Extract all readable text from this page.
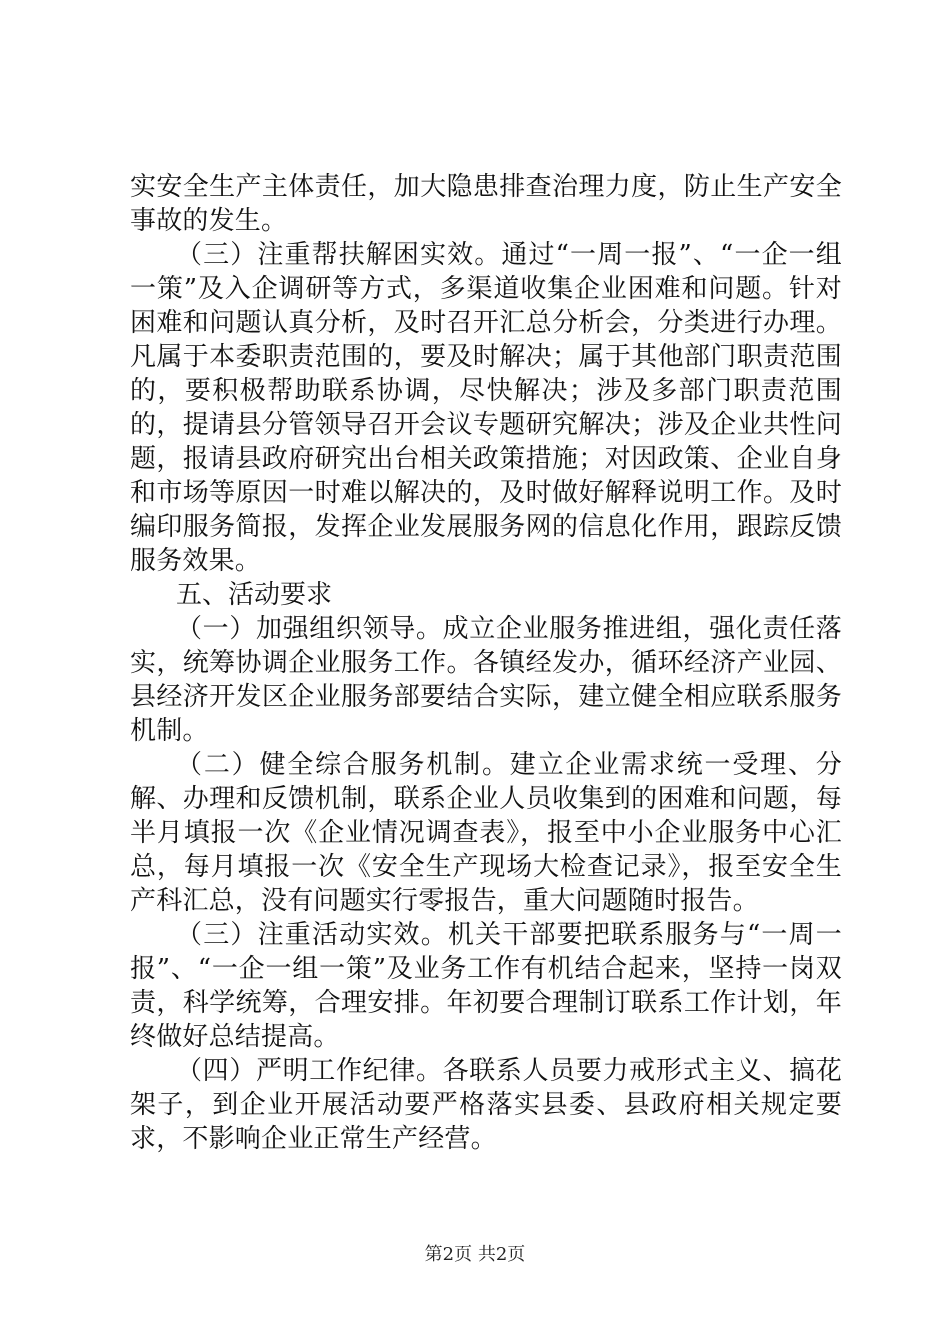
实安全生产主体责任，加大隐患排查治理力度，防止生产安全事故的发生。

（三）注重帮扶解困实效。通过“一周一报”、“一企一组一策”及入企调研等方式，多渠道收集企业困难和问题。针对困难和问题认真分析，及时召开汇总分析会，分类进行办理。凡属于本委职责范围的，要及时解决；属于其他部门职责范围的，要积极帮助联系协调，尽快解决；涉及多部门职责范围的，提请县分管领导召开会议专题研究解决；涉及企业共性问题，报请县政府研究出台相关政策措施；对因政策、企业自身和市场等原因一时难以解决的，及时做好解释说明工作。及时编印服务简报，发挥企业发展服务网的信息化作用，跟踪反馈服务效果。

五、活动要求

（一）加强组织领导。成立企业服务推进组，强化责任落实，统筹协调企业服务工作。各镇经发办，循环经济产业园、县经济开发区企业服务部要结合实际，建立健全相应联系服务机制。

（二）健全综合服务机制。建立企业需求统一受理、分解、办理和反馈机制，联系企业人员收集到的困难和问题，每半月填报一次《企业情况调查表》，报至中小企业服务中心汇总，每月填报一次《安全生产现场大检查记录》，报至安全生产科汇总，没有问题实行零报告，重大问题随时报告。

（三）注重活动实效。机关干部要把联系服务与“一周一报”、“一企一组一策”及业务工作有机结合起来，坚持一岗双责，科学统筹，合理安排。年初要合理制订联系工作计划，年终做好总结提高。

（四）严明工作纪律。各联系人员要力戒形式主义、搞花架子，到企业开展活动要严格落实县委、县政府相关规定要求，不影响企业正常生产经营。

第2页 共2页
